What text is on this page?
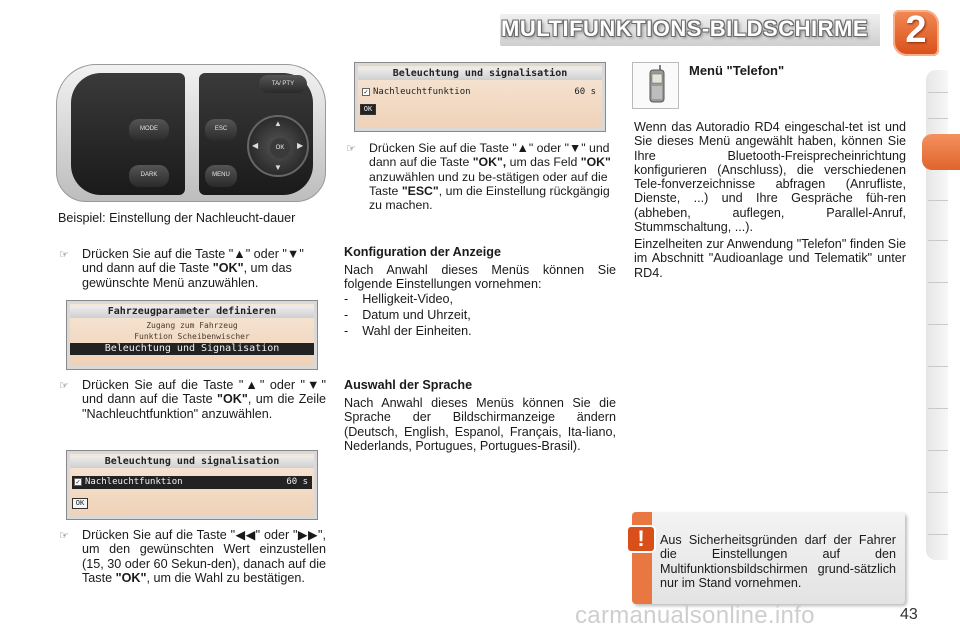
MULTIFUNKTIONS-BILDSCHIRME 2
MODE
DARK
TA/ PTY
ESC
MENU
▲
▼
◀	▶
OK
Beispiel: Einstellung der Nachleucht-dauer
☞ Drücken Sie auf die Taste "▲" oder "▼" und dann auf die Taste "OK", um das gewünschte Menü anzuwählen.
Fahrzeugparameter definieren
Zugang zum Fahrzeug
Funktion Scheibenwischer
Beleuchtung und Signalisation
☞ Drücken Sie auf die Taste "▲" oder "▼" und dann auf die Taste "OK", um die Zeile "Nachleuchtfunktion" anzuwählen.
Beleuchtung und signalisation
✓ Nachleuchtfunktion	60 s
OK
☞ Drücken Sie auf die Taste "◀◀" oder "▶▶", um den gewünschten Wert einzustellen (15, 30 oder 60 Sekun-den), danach auf die Taste "OK", um die Wahl zu bestätigen.
Beleuchtung und signalisation
✓ Nachleuchtfunktion	60 s
OK
☞ Drücken Sie auf die Taste "▲" oder "▼" und dann auf die Taste "OK", um das Feld "OK" anzuwählen und zu be-stätigen oder auf die Taste "ESC", um die Einstellung rückgängig zu machen.
Konfiguration der Anzeige
Nach Anwahl dieses Menüs können Sie folgende Einstellungen vornehmen:
-    Helligkeit-Video,
-    Datum und Uhrzeit,
-    Wahl der Einheiten.
Auswahl der Sprache
Nach Anwahl dieses Menüs können Sie die Sprache der Bildschirmanzeige ändern (Deutsch, English, Espanol, Français, Ita-liano, Nederlands, Portugues, Portugues-Brasil).
Menü "Telefon"
Wenn das Autoradio RD4 eingeschal-tet ist und Sie dieses Menü angewählt haben, können Sie Ihre Bluetooth-Freisprecheinrichtung konfigurieren (Anschluss), die verschiedenen Tele-fonverzeichnisse abfragen (Anrufliste, Dienste, ...) und Ihre Gespräche füh-ren (abheben, auflegen, Parallel-Anruf, Stummschaltung, ...).
Einzelheiten zur Anwendung "Telefon" finden Sie im Abschnitt "Audioanlage und Telematik" unter RD4.
!	Aus Sicherheitsgründen darf der Fahrer die Einstellungen auf den Multifunktionsbildschirmen grund-sätzlich nur im Stand vornehmen.
carmanualsonline.info	43
